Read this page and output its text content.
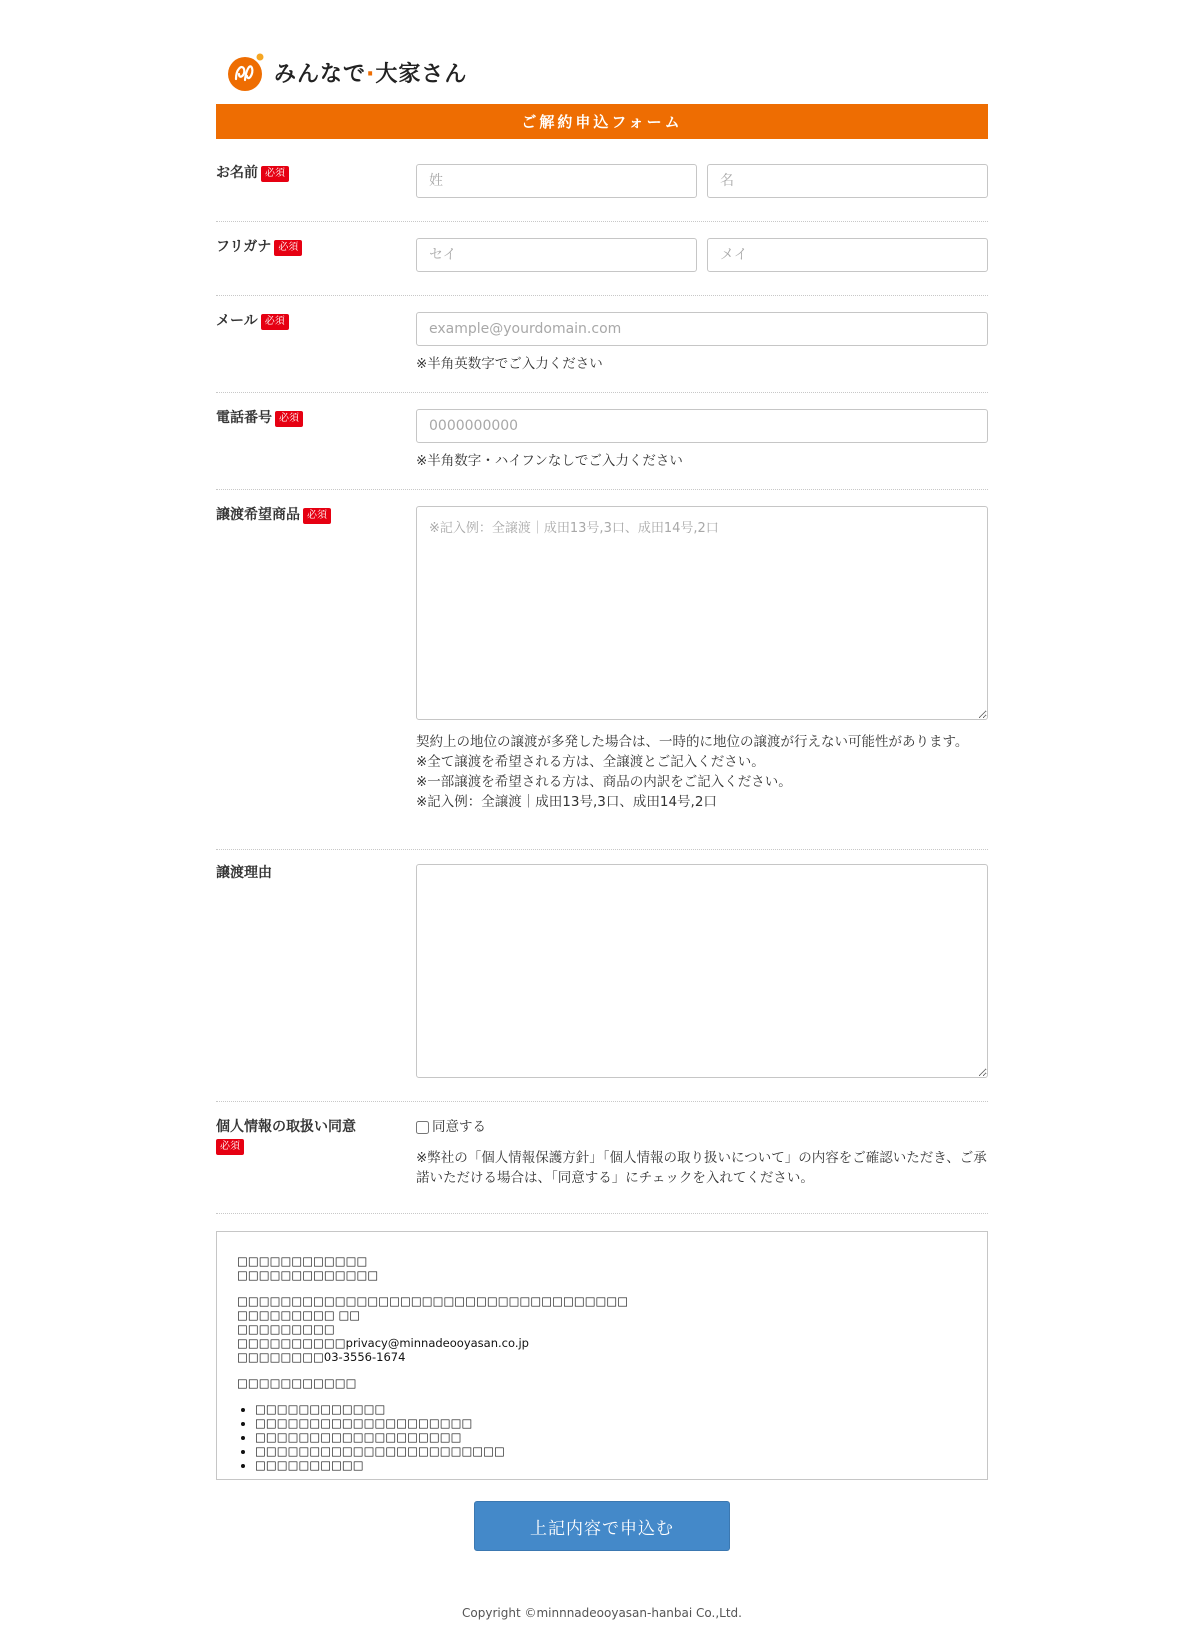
みんなで·大家さん
ご解約申込フォーム
お名前 必須
姓
名
フリガナ 必須
セイ
メイ
メール 必須
example@yourdomain.com
※半角英数字でご入力ください
電話番号 必須
0000000000
※半角数字・ハイフンなしでご入力ください
譲渡希望商品 必須
※記入例：全譲渡｜成田13号,3口、成田14号,2口

契約上の地位の譲渡が多発した場合は、一時的に地位の譲渡が行えない可能性があります。

※全て譲渡を希望される方は、全譲渡とご記入ください。

※一部譲渡を希望される方は、商品の内訳をご記入ください。

※記入例：全譲渡｜成田13号,3口、成田14号,2口

譲渡理由
個人情報の取扱い同意
必須
同意する
※弊社の「個人情報保護方針」「個人情報の取り扱いについて」の内容をご確認いただき、ご承諾いただける場合は、「同意する」にチェックを入れてください。
□□□□□□□□□□□□
□□□□□□□□□□□□□
□□□□□□□□□□□□□□□□□□□□□□□□□□□□□□□□□□□□
□□□□□□□□□ □□
□□□□□□□□□
□□□□□□□□□□privacy@minnadeooyasan.co.jp
□□□□□□□□03-3556-1674
□□□□□□□□□□□
• □□□□□□□□□□□□
• □□□□□□□□□□□□□□□□□□□□
• □□□□□□□□□□□□□□□□□□□
• □□□□□□□□□□□□□□□□□□□□□□□
• □□□□□□□□□□
上記内容で申込む
Copyright ©minnnadeooyasan-hanbai Co.,Ltd.
